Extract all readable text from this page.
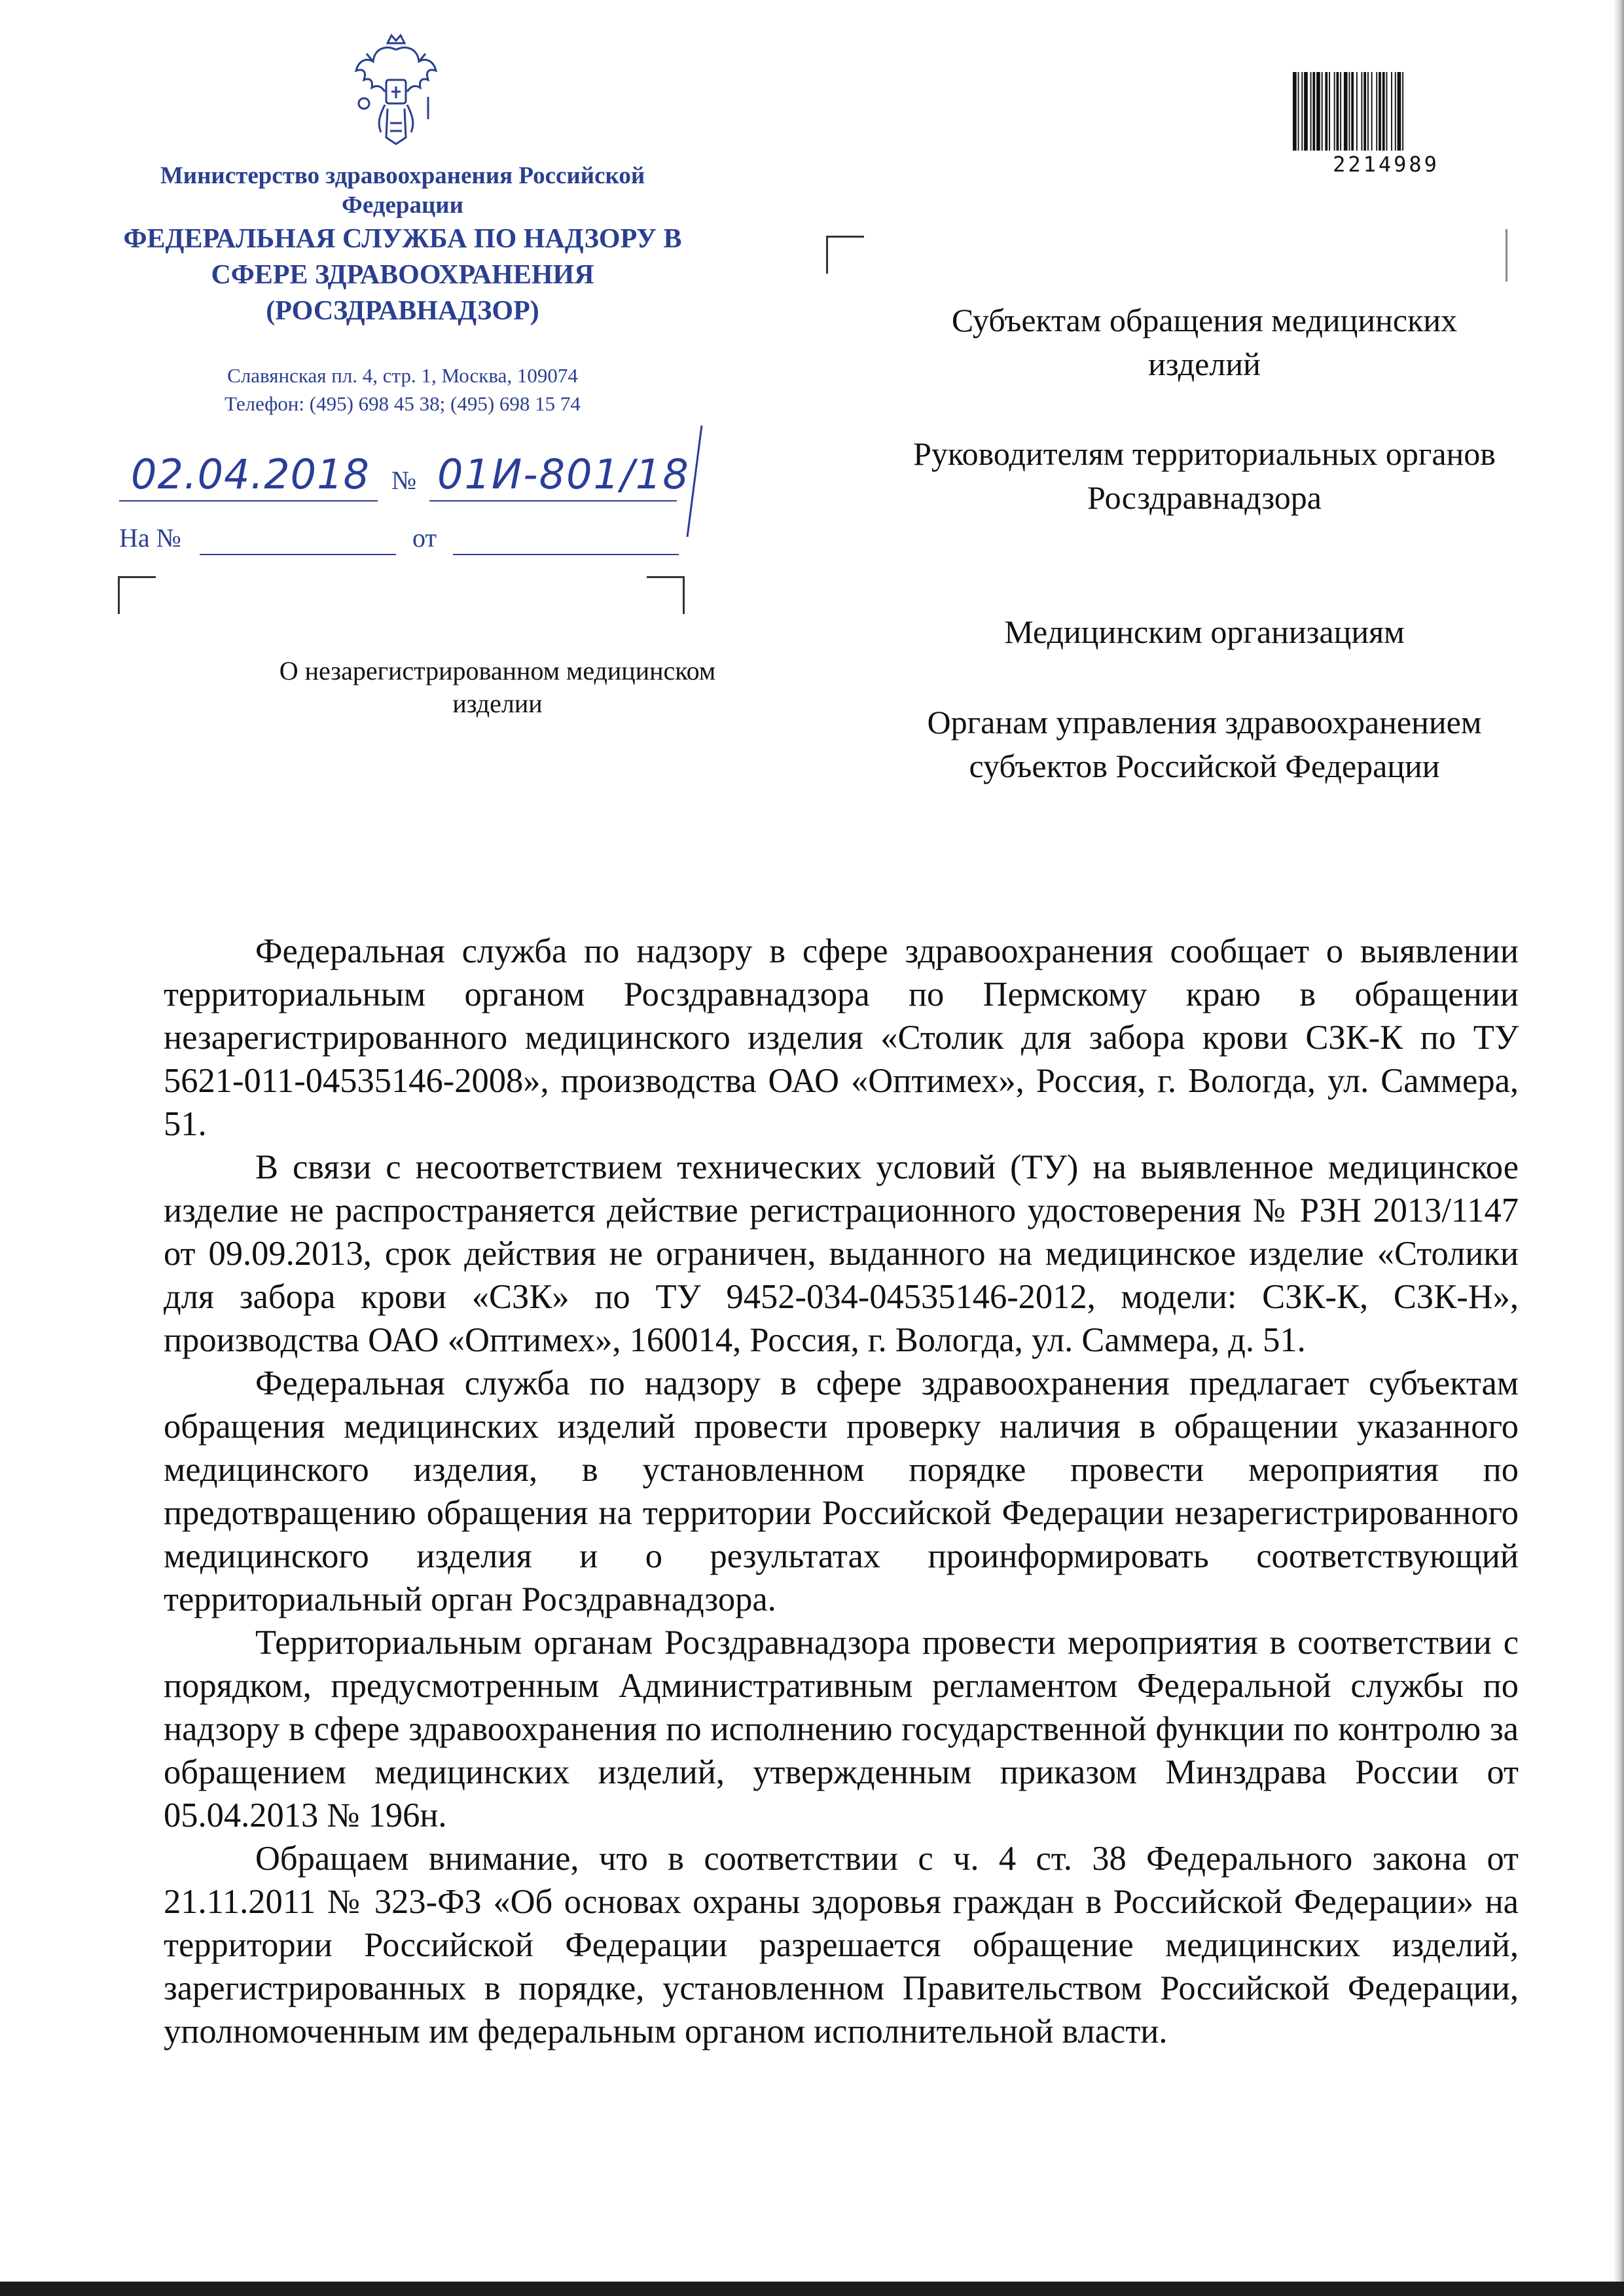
Министерство здравоохранения Российской Федерации
ФЕДЕРАЛЬНАЯ СЛУЖБА ПО НАДЗОРУ В СФЕРЕ ЗДРАВООХРАНЕНИЯ (РОСЗДРАВНАДЗОР)
Славянская пл. 4, стр. 1, Москва, 109074
Телефон: (495) 698 45 38; (495) 698 15 74
02.04.2018 № 01И-801/18
На №	от
О незарегистрированном медицинском изделии
2214989
Субъектам обращения медицинских изделий
Руководителям территориальных органов Росздравнадзора
Медицинским организациям
Органам управления здравоохранением субъектов Российской Федерации

Федеральная служба по надзору в сфере здравоохранения сообщает о выявлении территориальным органом Росздравнадзора по Пермскому краю в обращении незарегистрированного медицинского изделия «Столик для забора крови СЗК-К по ТУ 5621-011-04535146-2008», производства ОАО «Оптимех», Россия, г. Вологда, ул. Саммера, 51.

В связи с несоответствием технических условий (ТУ) на выявленное медицинское изделие не распространяется действие регистрационного удостоверения № РЗН 2013/1147 от 09.09.2013, срок действия не ограничен, выданного на медицинское изделие «Столики для забора крови «СЗК» по ТУ 9452-034-04535146-2012, модели: СЗК-К, СЗК-Н», производства ОАО «Оптимех», 160014, Россия, г. Вологда, ул. Саммера, д. 51.

Федеральная служба по надзору в сфере здравоохранения предлагает субъектам обращения медицинских изделий провести проверку наличия в обращении указанного медицинского изделия, в установленном порядке провести мероприятия по предотвращению обращения на территории Российской Федерации незарегистрированного медицинского изделия и о результатах проинформировать соответствующий территориальный орган Росздравнадзора.

Территориальным органам Росздравнадзора провести мероприятия в соответствии с порядком, предусмотренным Административным регламентом Федеральной службы по надзору в сфере здравоохранения по исполнению государственной функции по контролю за обращением медицинских изделий, утвержденным приказом Минздрава России от 05.04.2013 № 196н.

Обращаем внимание, что в соответствии с ч. 4 ст. 38 Федерального закона от 21.11.2011 № 323-ФЗ «Об основах охраны здоровья граждан в Российской Федерации» на территории Российской Федерации разрешается обращение медицинских изделий, зарегистрированных в порядке, установленном Правительством Российской Федерации, уполномоченным им федеральным органом исполнительной власти.
